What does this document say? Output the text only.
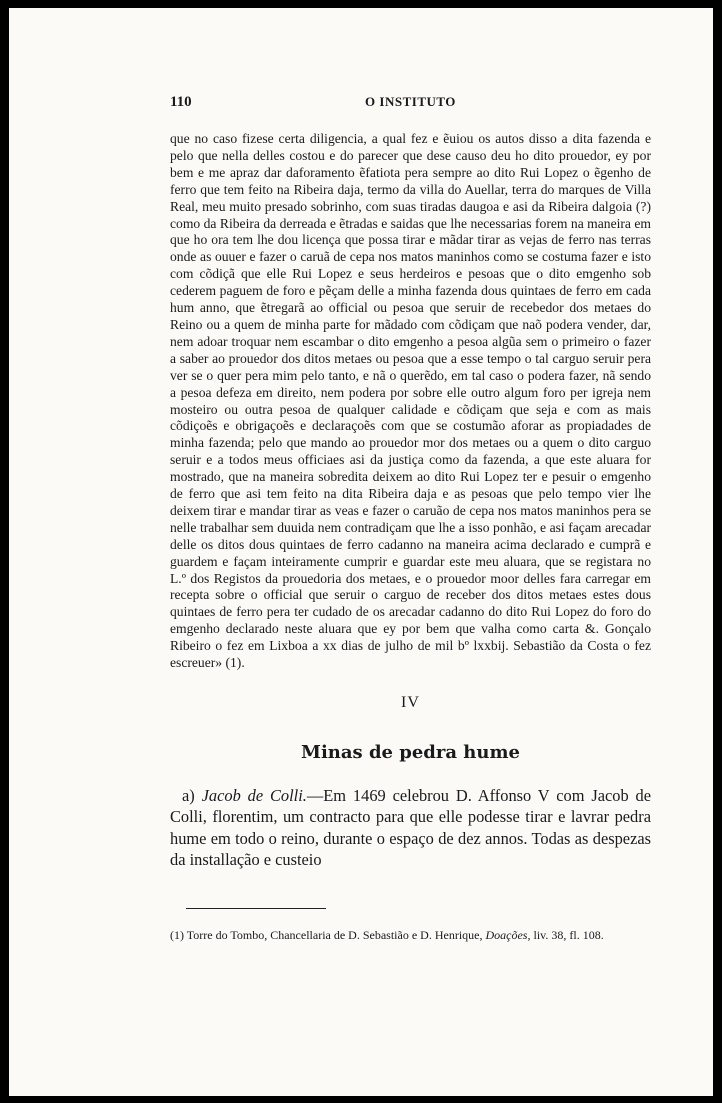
110	O INSTITUTO

que no caso fizese certa diligencia, a qual fez e ẽuiou os autos disso a dita fazenda e pelo que nella delles costou e do parecer que dese causo deu ho dito prouedor, ey por bem e me apraz dar daforamento ẽfatiota pera sempre ao dito Rui Lopez o ẽgenho de ferro que tem feito na Ribeira daja, termo da villa do Auellar, terra do marques de Villa Real, meu muito presado sobrinho, com suas tiradas daugoa e asi da Ribeira dalgoia (?) como da Ribeira da derreada e ẽtradas e saidas que lhe necessarias forem na maneira em que ho ora tem lhe dou licença que possa tirar e mãdar tirar as vejas de ferro nas terras onde as ouuer e fazer o caruã de cepa nos matos maninhos como se costuma fazer e isto com cõdiçã que elle Rui Lopez e seus herdeiros e pesoas que o dito emgenho sob cederem paguem de foro e pẽçam delle a minha fazenda dous quintaes de ferro em cada hum anno, que ẽtregarã ao official ou pesoa que seruir de recebedor dos metaes do Reino ou a quem de minha parte for mãdado com cõdiçam que naõ podera vender, dar, nem adoar troquar nem escambar o dito emgenho a pesoa algũa sem o primeiro o fazer a saber ao prouedor dos ditos metaes ou pesoa que a esse tempo o tal carguo seruir pera ver se o quer pera mim pelo tanto, e nã o querẽdo, em tal caso o podera fazer, nã sendo a pesoa defeza em direito, nem podera por sobre elle outro algum foro per igreja nem mosteiro ou outra pesoa de qualquer calidade e cõdiçam que seja e com as mais cõdiçoẽs e obrigaçoẽs e declaraçoẽs com que se costumão aforar as propiadades de minha fazenda; pelo que mando ao prouedor mor dos metaes ou a quem o dito carguo seruir e a todos meus officiaes asi da justiça como da fazenda, a que este aluara for mostrado, que na maneira sobredita deixem ao dito Rui Lopez ter e pesuir o emgenho de ferro que asi tem feito na dita Ribeira daja e as pesoas que pelo tempo vier lhe deixem tirar e mandar tirar as veas e fazer o caruão de cepa nos matos maninhos pera se nelle trabalhar sem duuida nem contradiçam que lhe a isso ponhão, e asi façam arecadar delle os ditos dous quintaes de ferro cadanno na maneira acima declarado e cumprã e guardem e façam inteiramente cumprir e guardar este meu aluara, que se registara no L.º dos Registos da prouedoria dos metaes, e o prouedor moor delles fara carregar em recepta sobre o official que seruir o carguo de receber dos ditos metaes estes dous quintaes de ferro pera ter cudado de os arecadar cadanno do dito Rui Lopez do foro do emgenho declarado neste aluara que ey por bem que valha como carta &. Gonçalo Ribeiro o fez em Lixboa a xx dias de julho de mil bº lxxbij. Sebastião da Costa o fez escreuer» (1).

IV
Minas de pedra hume

a) Jacob de Colli.—Em 1469 celebrou D. Affonso V com Jacob de Colli, florentim, um contracto para que elle podesse tirar e lavrar pedra hume em todo o reino, durante o espaço de dez annos. Todas as despezas da installação e custeio

(1) Torre do Tombo, Chancellaria de D. Sebastião e D. Henrique, Doações, liv. 38, fl. 108.
